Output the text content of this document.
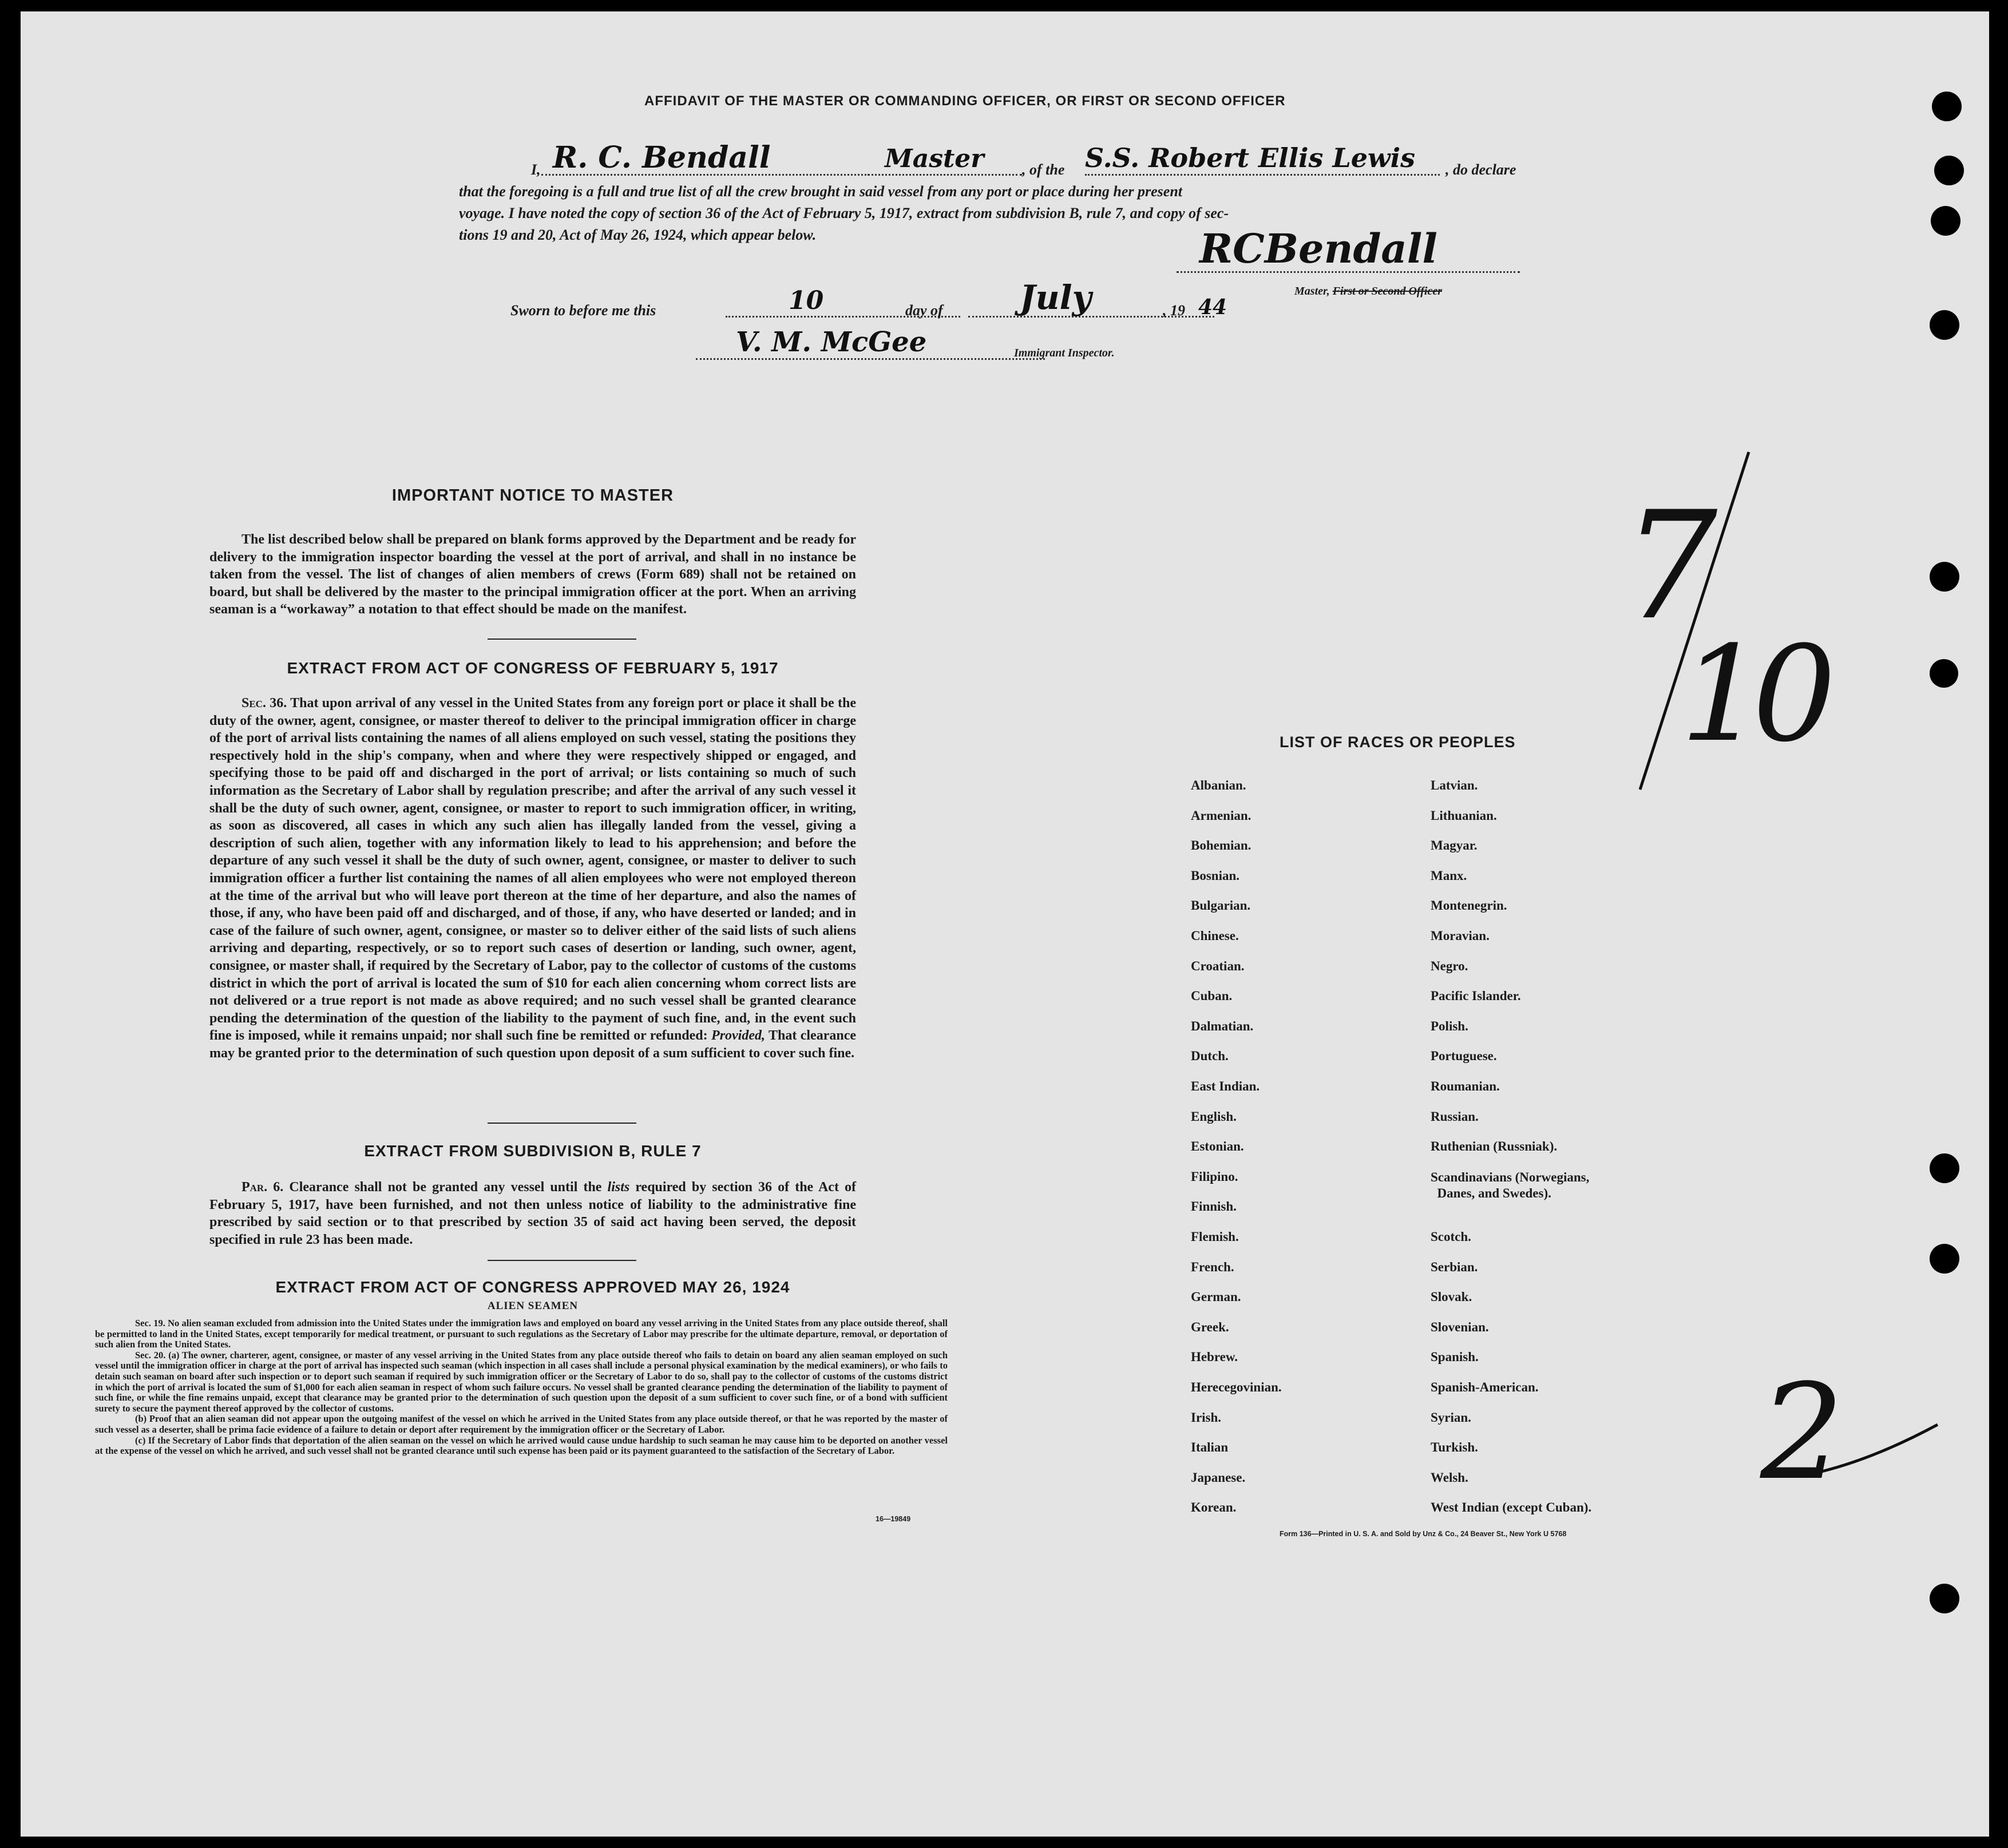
AFFIDAVIT OF THE MASTER OR COMMANDING OFFICER, OR FIRST OR SECOND OFFICER
I, R. C. Bendall	Master	, of the S.S. Robert Ellis Lewis	, do declare
that the foregoing is a full and true list of all the crew brought in said vessel from any port or place during her present
voyage. I have noted the copy of section 36 of the Act of February 5, 1917, extract from subdivision B, rule 7, and copy of sec-
tions 19 and 20, Act of May 26, 1924, which appear below.	RCBendall
Master, First or Second Officer
Sworn to before me this	10	day of	July	, 19 44
V. M. McGee	Immigrant Inspector.
IMPORTANT NOTICE TO MASTER
The list described below shall be prepared on blank forms approved by the Department and be ready for delivery to the immigration inspector boarding the vessel at the port of arrival, and shall in no instance be taken from the vessel. The list of changes of alien members of crews (Form 689) shall not be retained on board, but shall be delivered by the master to the principal immigration officer at the port. When an arriving seaman is a “workaway” a notation to that effect should be made on the manifest.
EXTRACT FROM ACT OF CONGRESS OF FEBRUARY 5, 1917
Sec. 36. That upon arrival of any vessel in the United States from any foreign port or place it shall be the duty of the owner, agent, consignee, or master thereof to deliver to the principal immigration officer in charge of the port of arrival lists containing the names of all aliens employed on such vessel, stating the positions they respectively hold in the ship's company, when and where they were respectively shipped or engaged, and specifying those to be paid off and discharged in the port of arrival; or lists containing so much of such information as the Secretary of Labor shall by regulation prescribe; and after the arrival of any such vessel it shall be the duty of such owner, agent, consignee, or master to report to such immigration officer, in writing, as soon as discovered, all cases in which any such alien has illegally landed from the vessel, giving a description of such alien, together with any information likely to lead to his apprehension; and before the departure of any such vessel it shall be the duty of such owner, agent, consignee, or master to deliver to such immigration officer a further list containing the names of all alien employees who were not employed thereon at the time of the arrival but who will leave port thereon at the time of her departure, and also the names of those, if any, who have been paid off and discharged, and of those, if any, who have deserted or landed; and in case of the failure of such owner, agent, consignee, or master so to deliver either of the said lists of such aliens arriving and departing, respectively, or so to report such cases of desertion or landing, such owner, agent, consignee, or master shall, if required by the Secretary of Labor, pay to the collector of customs of the customs district in which the port of arrival is located the sum of $10 for each alien concerning whom correct lists are not delivered or a true report is not made as above required; and no such vessel shall be granted clearance pending the determination of the question of the liability to the payment of such fine, and, in the event such fine is imposed, while it remains unpaid; nor shall such fine be remitted or refunded: Provided, That clearance may be granted prior to the determination of such question upon deposit of a sum sufficient to cover such fine.
EXTRACT FROM SUBDIVISION B, RULE 7
Par. 6. Clearance shall not be granted any vessel until the lists required by section 36 of the Act of February 5, 1917, have been furnished, and not then unless notice of liability to the administrative fine prescribed by said section or to that prescribed by section 35 of said act having been served, the deposit specified in rule 23 has been made.
EXTRACT FROM ACT OF CONGRESS APPROVED MAY 26, 1924
ALIEN SEAMEN
Sec. 19. No alien seaman excluded from admission into the United States under the immigration laws and employed on board any vessel arriving in the United States from any place outside thereof, shall be permitted to land in the United States, except temporarily for medical treatment, or pursuant to such regulations as the Secretary of Labor may prescribe for the ultimate departure, removal, or deportation of such alien from the United States.
Sec. 20. (a) The owner, charterer, agent, consignee, or master of any vessel arriving in the United States from any place outside thereof who fails to detain on board any alien seaman employed on such vessel until the immigration officer in charge at the port of arrival has inspected such seaman (which inspection in all cases shall include a personal physical examination by the medical examiners), or who fails to detain such seaman on board after such inspection or to deport such seaman if required by such immigration officer or the Secretary of Labor to do so, shall pay to the collector of customs of the customs district in which the port of arrival is located the sum of $1,000 for each alien seaman in respect of whom such failure occurs. No vessel shall be granted clearance pending the determination of the liability to payment of such fine, or while the fine remains unpaid, except that clearance may be granted prior to the determination of such question upon the deposit of a sum sufficient to cover such fine, or of a bond with sufficient surety to secure the payment thereof approved by the collector of customs.
(b) Proof that an alien seaman did not appear upon the outgoing manifest of the vessel on which he arrived in the United States from any place outside thereof, or that he was reported by the master of such vessel as a deserter, shall be prima facie evidence of a failure to detain or deport after requirement by the immigration officer or the Secretary of Labor.
(c) If the Secretary of Labor finds that deportation of the alien seaman on the vessel on which he arrived would cause undue hardship to such seaman he may cause him to be deported on another vessel at the expense of the vessel on which he arrived, and such vessel shall not be granted clearance until such expense has been paid or its payment guaranteed to the satisfaction of the Secretary of Labor.
16—19849
LIST OF RACES OR PEOPLES
Albanian.
Armenian.
Bohemian.
Bosnian.
Bulgarian.
Chinese.
Croatian.
Cuban.
Dalmatian.
Dutch.
East Indian.
English.
Estonian.
Filipino.
Finnish.
Flemish.
French.
German.
Greek.
Hebrew.
Herecegovinian.
Irish.
Italian
Japanese.
Korean.
Latvian.
Lithuanian.
Magyar.
Manx.
Montenegrin.
Moravian.
Negro.
Pacific Islander.
Polish.
Portuguese.
Roumanian.
Russian.
Ruthenian (Russniak).
Scandinavians (Norwegians,
Danes, and Swedes).
Scotch.
Serbian.
Slovak.
Slovenian.
Spanish.
Spanish-American.
Syrian.
Turkish.
Welsh.
West Indian (except Cuban).
Form 136—Printed in U. S. A. and Sold by Unz & Co., 24 Beaver St., New York U 5768
7
10
2
